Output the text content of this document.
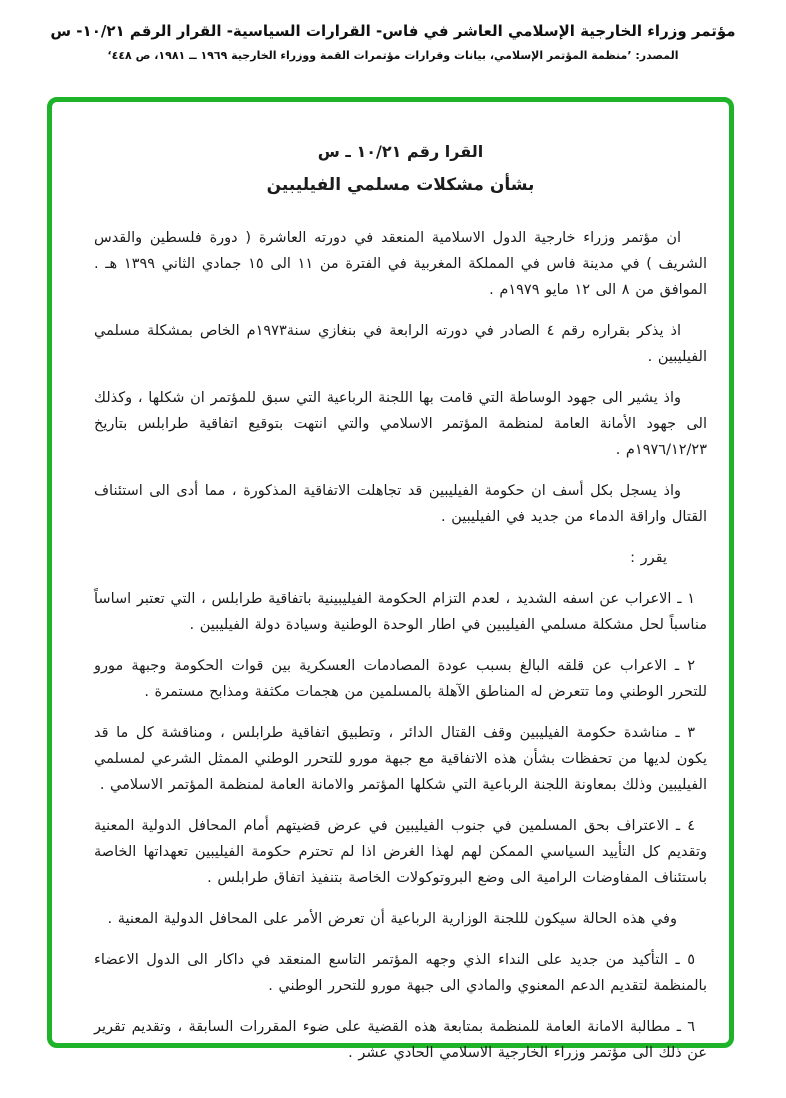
مؤتمر وزراء الخارجية الإسلامي العاشر في فاس- القرارات السياسية- القرار الرقم ١٠/٢١- س
المصدر: ’منظمة المؤتمر الإسلامي، بيانات وقرارات مؤتمرات القمة ووزراء الخارجية ١٩٦٩ ــ ١٩٨١، ص ٤٤٨‘
القرا رقم ١٠/٢١ ـ س
بشأن مشكلات مسلمي الفيليبين

ان مؤتمر وزراء خارجية الدول الاسلامية المنعقد في دورته العاشرة ( دورة فلسطين والقدس الشريف ) في مدينة فاس في المملكة المغربية في الفترة من ١١ الى ١٥ جمادي الثاني ١٣٩٩ هـ . الموافق من ٨ الى ١٢ مايو ١٩٧٩م .

اذ يذكر بقراره رقم ٤ الصادر في دورته الرابعة في بنغازي سنة١٩٧٣م الخاص بمشكلة مسلمي الفيليبين .

واذ يشير الى جهود الوساطة التي قامت بها اللجنة الرباعية التي سبق للمؤتمر ان شكلها ، وكذلك الى جهود الأمانة العامة لمنظمة المؤتمر الاسلامي والتي انتهت بتوقيع اتفاقية طرابلس بتاريخ ١٩٧٦/١٢/٢٣م .

واذ يسجل بكل أسف ان حكومة الفيليبين قد تجاهلت الاتفاقية المذكورة ، مما أدى الى استئناف القتال واراقة الدماء من جديد في الفيليبين .

يقرر :

١ ـ الاعراب عن اسفه الشديد ، لعدم التزام الحكومة الفيليبينية باتفاقية طرابلس ، التي تعتبر اساساً مناسباً لحل مشكلة مسلمي الفيليبين في اطار الوحدة الوطنية وسيادة دولة الفيليبين .

٢ ـ الاعراب عن قلقه البالغ بسبب عودة المصادمات العسكرية بين قوات الحكومة وجبهة مورو للتحرر الوطني وما تتعرض له المناطق الآهلة بالمسلمين من هجمات مكثفة ومذابح مستمرة .

٣ ـ مناشدة حكومة الفيليبين وقف القتال الدائر ، وتطبيق اتفاقية طرابلس ، ومناقشة كل ما قد يكون لديها من تحفظات بشأن هذه الاتفاقية مع جبهة مورو للتحرر الوطني الممثل الشرعي لمسلمي الفيليبين وذلك بمعاونة اللجنة الرباعية التي شكلها المؤتمر والامانة العامة لمنظمة المؤتمر الاسلامي .

٤ ـ الاعتراف بحق المسلمين في جنوب الفيليبين في عرض قضيتهم أمام المحافل الدولية المعنية وتقديم كل التأييد السياسي الممكن لهم لهذا الغرض اذا لم تحترم حكومة الفيليبين تعهداتها الخاصة باستئناف المفاوضات الرامية الى وضع البروتوكولات الخاصة بتنفيذ اتفاق طرابلس .

وفي هذه الحالة سيكون لللجنة الوزارية الرباعية أن تعرض الأمر على المحافل الدولية المعنية .

٥ ـ التأكيد من جديد على النداء الذي وجهه المؤتمر التاسع المنعقد في داكار الى الدول الاعضاء بالمنظمة لتقديم الدعم المعنوي والمادي الى جبهة مورو للتحرر الوطني .

٦ ـ مطالبة الامانة العامة للمنظمة بمتابعة هذه القضية على ضوء المقررات السابقة ، وتقديم تقرير عن ذلك الى مؤتمر وزراء الخارجية الاسلامي الحادي عشر .
